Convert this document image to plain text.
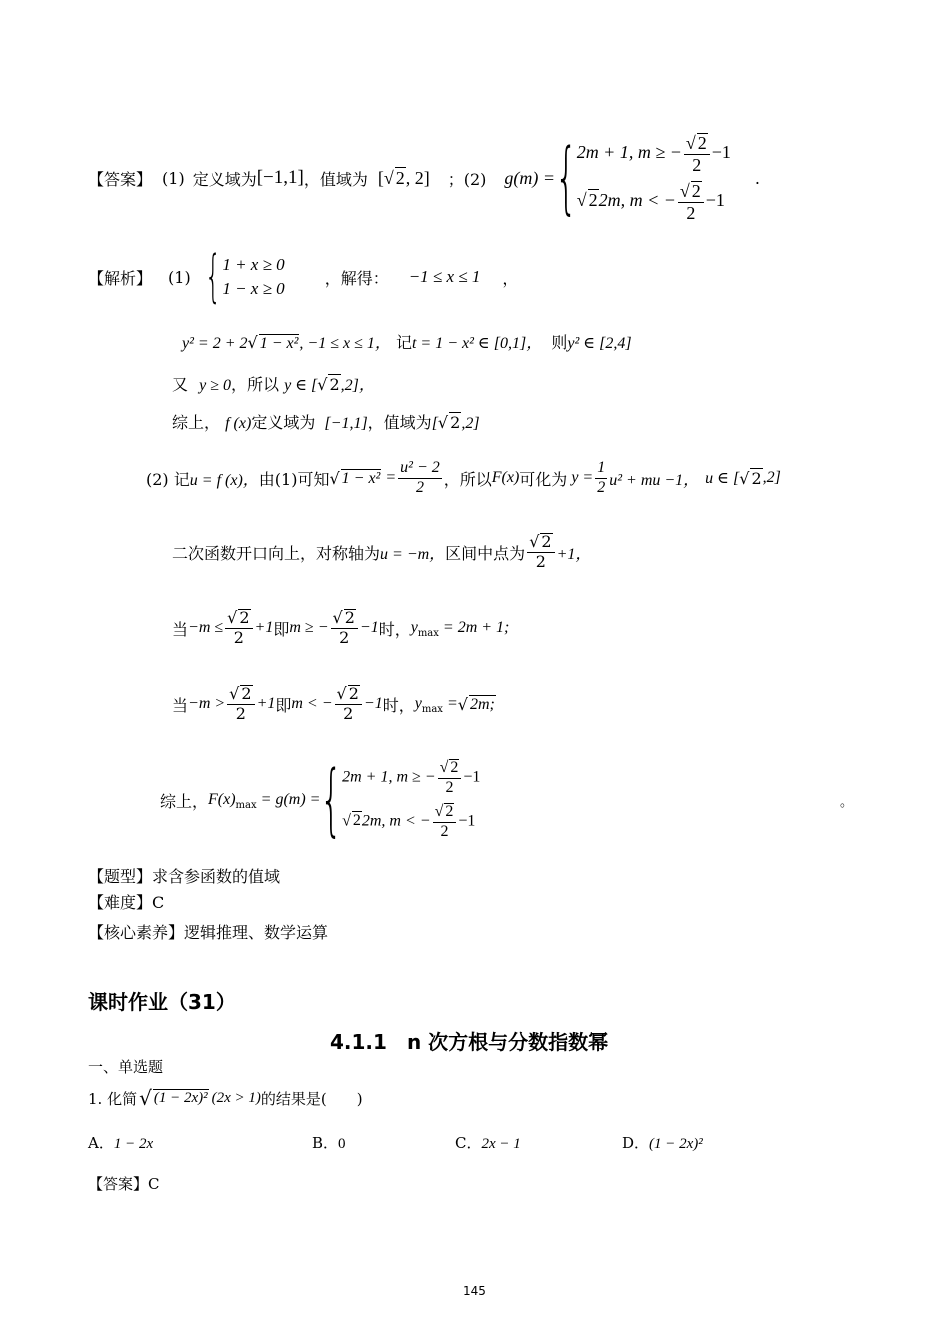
【答案】 (1) 定义域为 [−1,1] ，值域为 [√ 2, 2] ；(2) g(m) = { 2m + 1, m ≥ − $\frac{√ 2}{2} -1$
√ 22m, m < − $\frac{√ 2}{2} -1$
.
【解析】 (1) { 1 + x ≥ 0
1 − x ≥ 0
，解得： −1 ≤ x ≤ 1 ，
y² = 2 + 2√ 1 − x², −1 ≤ x ≤ 1， 记t = 1 − x² ∈ [0,1]， 则y² ∈ [2,4]
又 y ≥ 0，所以 y ∈ [√ 2,2]，
综上， f (x)定义域为 [−1,1]，值域为[√ 2,2]
(2) 记 u = f (x)， 由(1)可知 √ $1 - x^2 = \frac{\text{u² − 2}}{2}$ ，所以 F(x) 可化为 $y = \frac{1}{2} u^2$ + mu −1， u ∈ [ √ 2 ,2]
二次函数开口向上，对称轴为 u = −m， 区间中点为 $\frac{√ 2}{2} +1$，
当 $-m \le \frac{√ 2}{2} +1$ 即 m ≥ − $\frac{√ 2}{2} -1$ 时， $y_{max} = 2m + 1$;
当 $-m > \frac{√ 2}{2} +1$ 即 m < − $\frac{√ 2}{2} -1$ 时， $y_{max}$ = √ 2m;
综上， $F(x)_{max} = g(m)$ = { 2m + 1, m ≥ − $\frac{√ 2}{2} -1$
√ 22m, m < − $\frac{√ 2}{2} -1$
。
【题型】求含参函数的值域
【难度】C
【核心素养】逻辑推理、数学运算
课时作业（31）
4.1.1　n 次方根与分数指数幂
一、单选题
1. 化简 √ (1 − 2x)² (2x > 1) 的结果是(　　)
A．1 − 2x	B．0	C．2x − 1	D．(1 − 2x)²
【答案】C
145
